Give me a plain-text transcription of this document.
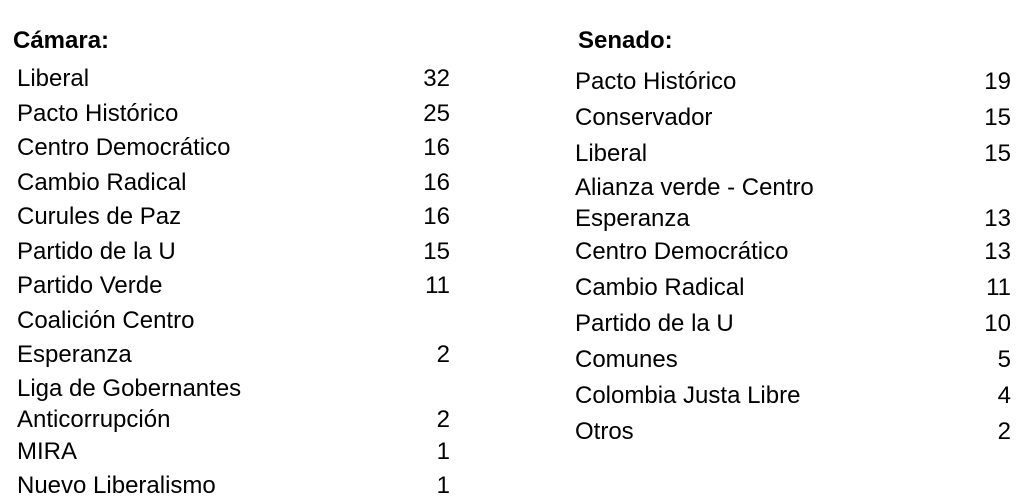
Cámara:
Liberal	32
Pacto Histórico	25
Centro Democrático	16
Cambio Radical	16
Curules de Paz	16
Partido de la U	15
Partido Verde	11
Coalición Centro Esperanza	2
Liga de Gobernantes Anticorrupción	2
MIRA	1
Nuevo Liberalismo	1
Senado:
Pacto Histórico	19
Conservador	15
Liberal	15
Alianza verde - Centro Esperanza	13
Centro Democrático	13
Cambio Radical	11
Partido de la U	10
Comunes	5
Colombia Justa Libre	4
Otros	2
